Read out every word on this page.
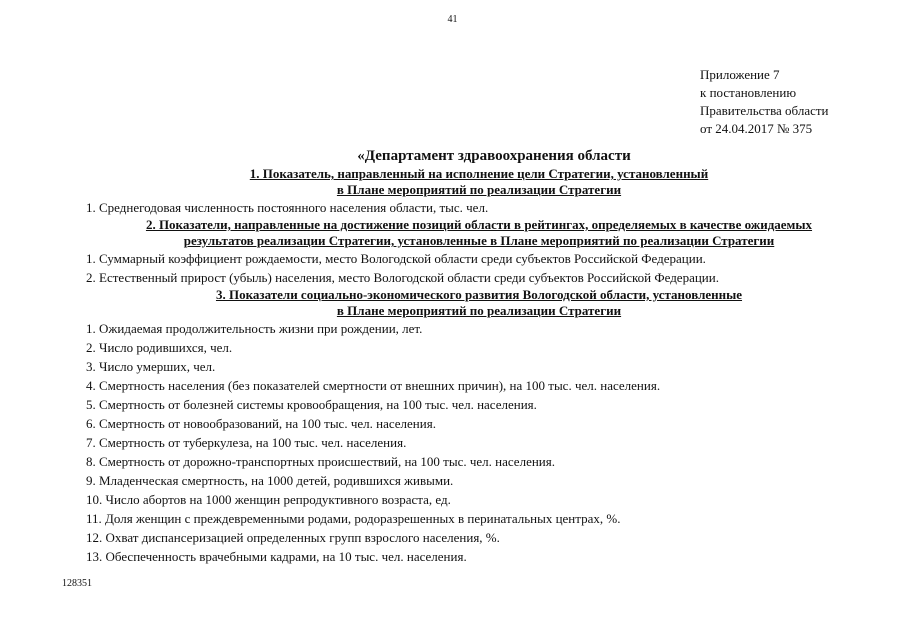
41
Приложение 7
к постановлению
Правительства области
от 24.04.2017 № 375
«Департамент здравоохранения области
1. Показатель, направленный на исполнение цели Стратегии, установленный
в Плане мероприятий по реализации Стратегии
1. Среднегодовая численность постоянного населения области, тыс. чел.
2. Показатели, направленные на достижение позиций области в рейтингах, определяемых в качестве ожидаемых
результатов реализации Стратегии, установленные в Плане мероприятий по реализации Стратегии
1. Суммарный коэффициент рождаемости, место Вологодской области среди субъектов Российской Федерации.
2. Естественный прирост (убыль) населения, место Вологодской области среди субъектов Российской Федерации.
3. Показатели социально-экономического развития Вологодской области, установленные
в Плане мероприятий по реализации Стратегии
1. Ожидаемая продолжительность жизни при рождении, лет.
2. Число родившихся, чел.
3. Число умерших, чел.
4. Смертность населения (без показателей смертности от внешних причин), на 100 тыс. чел. населения.
5. Смертность от болезней системы кровообращения, на 100 тыс. чел. населения.
6. Смертность от новообразований, на 100 тыс. чел. населения.
7. Смертность от туберкулеза, на 100 тыс. чел. населения.
8. Смертность от дорожно-транспортных происшествий, на 100 тыс. чел. населения.
9. Младенческая смертность, на 1000 детей, родившихся живыми.
10. Число абортов на 1000 женщин репродуктивного возраста, ед.
11. Доля женщин с преждевременными родами, родоразрешенных в перинатальных центрах, %.
12. Охват диспансеризацией определенных групп взрослого населения, %.
13. Обеспеченность врачебными кадрами, на 10 тыс. чел. населения.
128351
